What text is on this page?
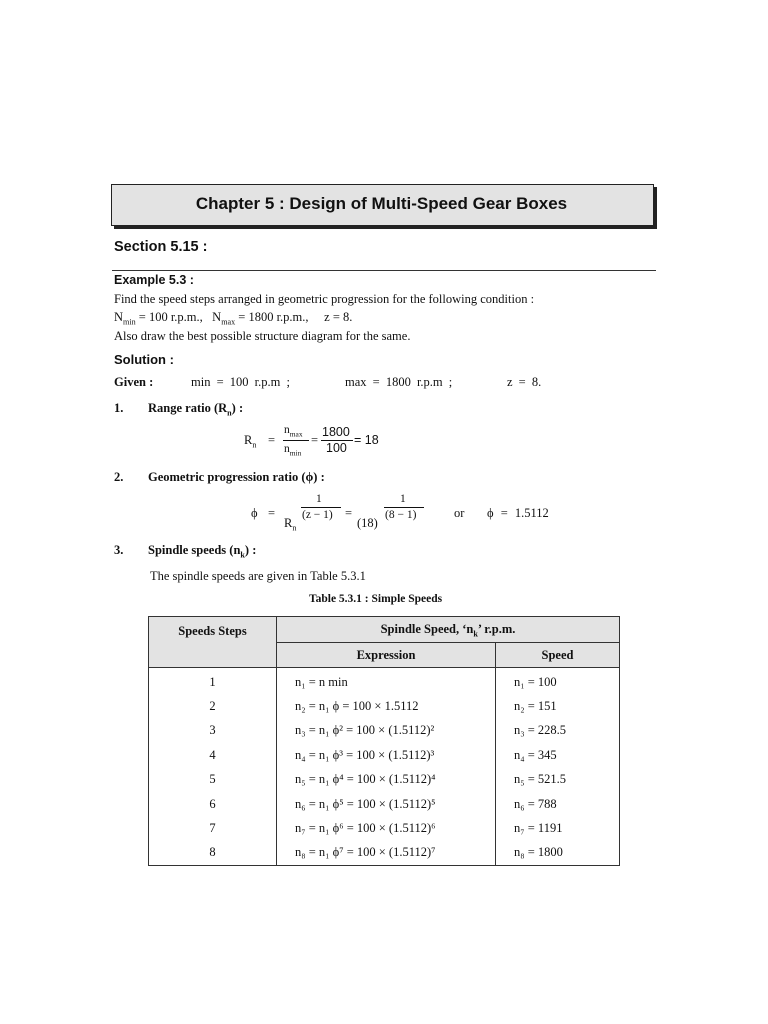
Chapter 5 : Design of Multi-Speed Gear Boxes
Section 5.15 :
Example 5.3 :
Find the speed steps arranged in geometric progression for the following condition :
$N_{min} = 100$ r.p.m.,   $N_{max} = 1800$ r.p.m., z = 8.
Also draw the best possible structure diagram for the same.
Solution :
Given :	min = 100 r.p.m ;	max = 1800 r.p.m ;	z = 8.
1. Range ratio $(R_n)$ :
$R_n$ =
$n_{max}$
$n_{min}$
=
1800
100
= 18
2. Geometric progression ratio (ϕ) :
ϕ =
1
(z − 1)
$R_n$
=
1
(8 − 1)
(18)
or ϕ = 1.5112
3. Spindle speeds $(n_k)$ :
The spindle speeds are given in Table 5.3.1
Table 5.3.1 : Simple Speeds
Speeds Steps	Spindle Speed, ‘$n_k$’ r.p.m.	
	Expression	Speed
1	n₁ = n min	n₁ = 100
2	n₂ = n₁ ϕ = 100 × 1.5112	n₂ = 151
3	n₃ = n₁ ϕ² = 100 × (1.5112)²	n₃ = 228.5
4	n₄ = n₁ ϕ³ = 100 × (1.5112)³	n₄ = 345
5	n₅ = n₁ ϕ⁴ = 100 × (1.5112)⁴	n₅ = 521.5
6	n₆ = n₁ ϕ⁵ = 100 × (1.5112)⁵	n₆ = 788
7	n₇ = n₁ ϕ⁶ = 100 × (1.5112)⁶	n₇ = 1191
8	n₈ = n₁ ϕ⁷ = 100 × (1.5112)⁷	n₈ = 1800
